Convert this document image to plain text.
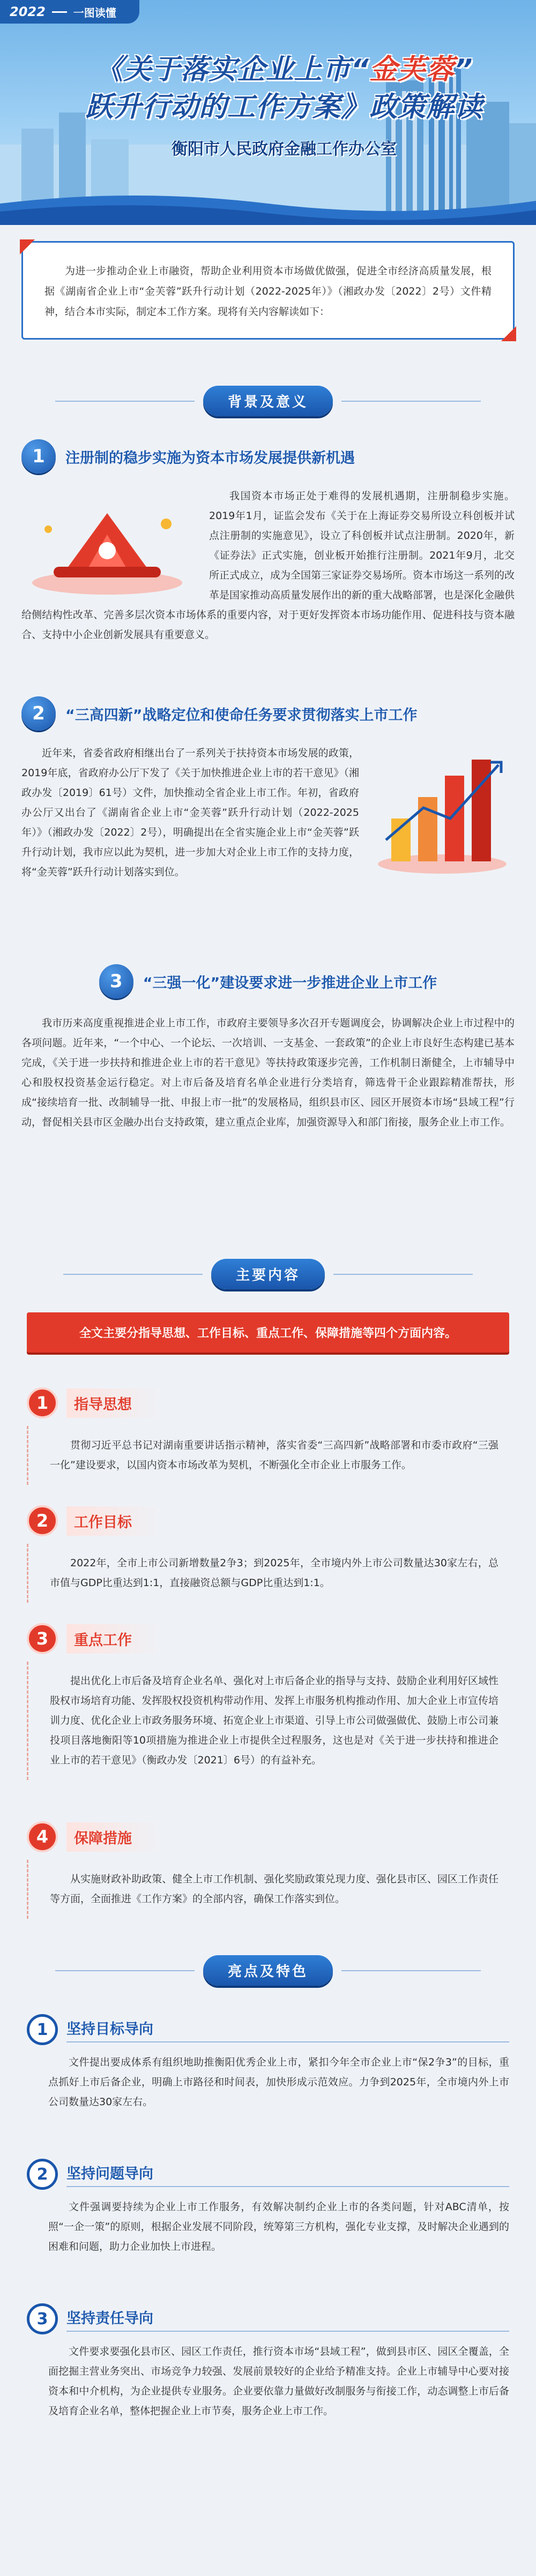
2022	一图读懂
《关于落实企业上市“金芙蓉”
跃升行动的工作方案》政策解读
衡阳市人民政府金融工作办公室

为进一步推动企业上市融资，帮助企业利用资本市场做优做强，促进全市经济高质量发展，根据《湖南省企业上市“金芙蓉”跃升行动计划（2022-2025年）》（湘政办发〔2022〕2号）文件精神，结合本市实际，制定本工作方案。现将有关内容解读如下：

背景及意义
1	注册制的稳步实施为资本市场发展提供新机遇

我国资本市场正处于难得的发展机遇期，注册制稳步实施。2019年1月，证监会发布《关于在上海证券交易所设立科创板并试点注册制的实施意见》，设立了科创板并试点注册制。2020年，新《证券法》正式实施，创业板开始推行注册制。2021年9月，北交所正式成立，成为全国第三家证券交易场所。资本市场这一系列的改革是国家推动高质量发展作出的新的重大战略部署，也是深化金融供给侧结构性改革、完善多层次资本市场体系的重要内容，对于更好发挥资本市场功能作用、促进科技与资本融合、支持中小企业创新发展具有重要意义。

2	“三高四新”战略定位和使命任务要求贯彻落实上市工作

近年来，省委省政府相继出台了一系列关于扶持资本市场发展的政策，2019年底，省政府办公厅下发了《关于加快推进企业上市的若干意见》（湘政办发〔2019〕61号）文件，加快推动全省企业上市工作。年初，省政府办公厅又出台了《湖南省企业上市“金芙蓉”跃升行动计划（2022-2025年）》（湘政办发〔2022〕2号），明确提出在全省实施企业上市“金芙蓉”跃升行动计划，我市应以此为契机，进一步加大对企业上市工作的支持力度，将“金芙蓉”跃升行动计划落实到位。

3	“三强一化”建设要求进一步推进企业上市工作

我市历来高度重视推进企业上市工作，市政府主要领导多次召开专题调度会，协调解决企业上市过程中的各项问题。近年来，“一个中心、一个论坛、一次培训、一支基金、一套政策”的企业上市良好生态构建已基本完成，《关于进一步扶持和推进企业上市的若干意见》等扶持政策逐步完善，工作机制日渐健全，上市辅导中心和股权投资基金运行稳定。对上市后备及培育名单企业进行分类培育，筛选骨干企业跟踪精准帮扶，形成“接续培育一批、改制辅导一批、申报上市一批”的发展格局，组织县市区、园区开展资本市场“县域工程”行动，督促相关县市区金融办出台支持政策，建立重点企业库，加强资源导入和部门衔接，服务企业上市工作。

主要内容
全文主要分指导思想、工作目标、重点工作、保障措施等四个方面内容。
1	指导思想
贯彻习近平总书记对湖南重要讲话指示精神，落实省委“三高四新”战略部署和市委市政府“三强一化”建设要求，以国内资本市场改革为契机，不断强化全市企业上市服务工作。
2	工作目标
2022年，全市上市公司新增数量2争3；到2025年，全市境内外上市公司数量达30家左右，总市值与GDP比重达到1:1，直接融资总额与GDP比重达到1:1。
3	重点工作
提出优化上市后备及培育企业名单、强化对上市后备企业的指导与支持、鼓励企业利用好区域性股权市场培育功能、发挥股权投资机构带动作用、发挥上市服务机构推动作用、加大企业上市宣传培训力度、优化企业上市政务服务环境、拓宽企业上市渠道、引导上市公司做强做优、鼓励上市公司兼投项目落地衡阳等10项措施为推进企业上市提供全过程服务，这也是对《关于进一步扶持和推进企业上市的若干意见》（衡政办发〔2021〕6号）的有益补充。
4	保障措施
从实施财政补助政策、健全上市工作机制、强化奖励政策兑现力度、强化县市区、园区工作责任等方面，全面推进《工作方案》的全部内容，确保工作落实到位。
亮点及特色
1	坚持目标导向
文件提出要成体系有组织地助推衡阳优秀企业上市，紧扣今年全市企业上市“保2争3”的目标，重点抓好上市后备企业，明确上市路径和时间表，加快形成示范效应。力争到2025年，全市境内外上市公司数量达30家左右。
2	坚持问题导向
文件强调要持续为企业上市工作服务，有效解决制约企业上市的各类问题，针对ABC清单，按照“一企一策”的原则，根据企业发展不同阶段，统筹第三方机构，强化专业支撑，及时解决企业遇到的困难和问题，助力企业加快上市进程。
3	坚持责任导向
文件要求要强化县市区、园区工作责任，推行资本市场“县域工程”，做到县市区、园区全覆盖，全面挖掘主营业务突出、市场竞争力较强、发展前景较好的企业给予精准支持。企业上市辅导中心要对接资本和中介机构，为企业提供专业服务。企业要依靠力量做好改制服务与衔接工作，动态调整上市后备及培育企业名单，整体把握企业上市节奏，服务企业上市工作。
